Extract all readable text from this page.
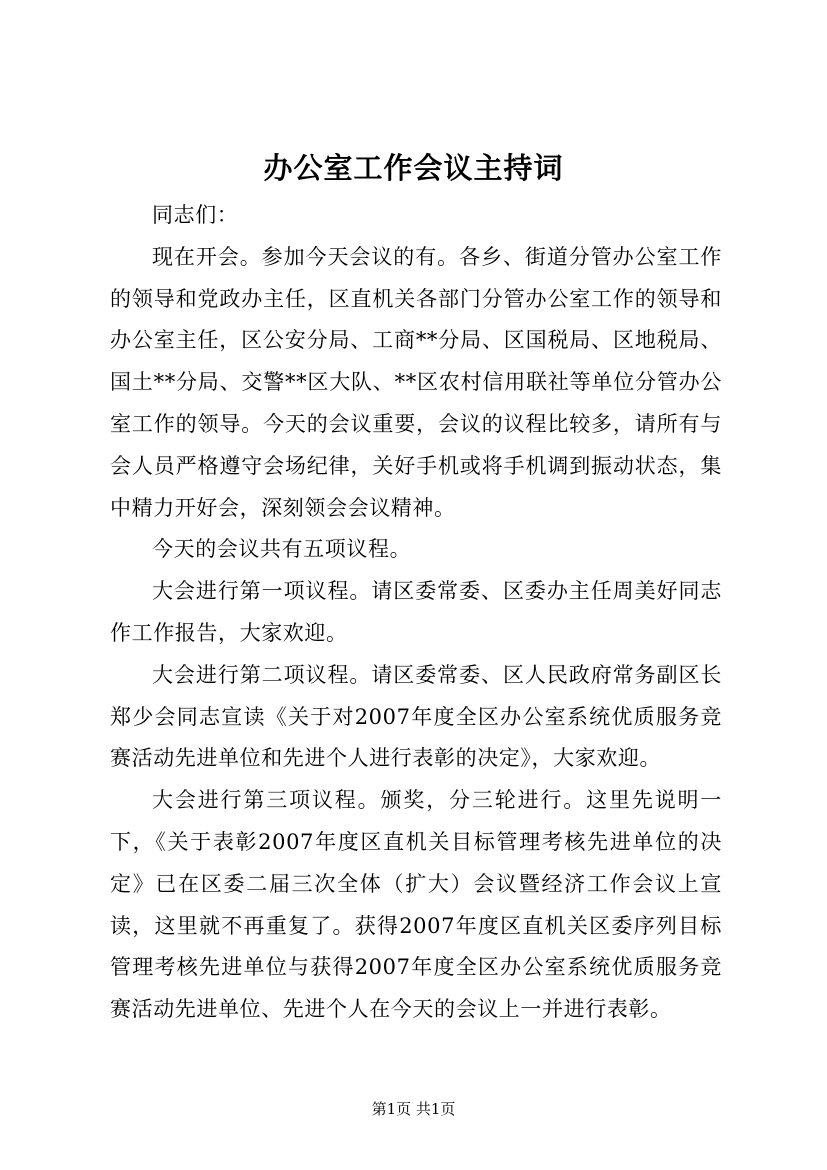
办公室工作会议主持词

同志们：

现在开会。参加今天会议的有。各乡、街道分管办公室工作的领导和党政办主任，区直机关各部门分管办公室工作的领导和办公室主任，区公安分局、工商**分局、区国税局、区地税局、国土**分局、交警**区大队、**区农村信用联社等单位分管办公室工作的领导。今天的会议重要，会议的议程比较多，请所有与会人员严格遵守会场纪律，关好手机或将手机调到振动状态，集中精力开好会，深刻领会会议精神。

今天的会议共有五项议程。

大会进行第一项议程。请区委常委、区委办主任周美好同志作工作报告，大家欢迎。

大会进行第二项议程。请区委常委、区人民政府常务副区长郑少会同志宣读《关于对2007年度全区办公室系统优质服务竞赛活动先进单位和先进个人进行表彰的决定》，大家欢迎。

大会进行第三项议程。颁奖，分三轮进行。这里先说明一下，《关于表彰2007年度区直机关目标管理考核先进单位的决定》已在区委二届三次全体（扩大）会议暨经济工作会议上宣读，这里就不再重复了。获得2007年度区直机关区委序列目标管理考核先进单位与获得2007年度全区办公室系统优质服务竞赛活动先进单位、先进个人在今天的会议上一并进行表彰。

第1页 共1页
